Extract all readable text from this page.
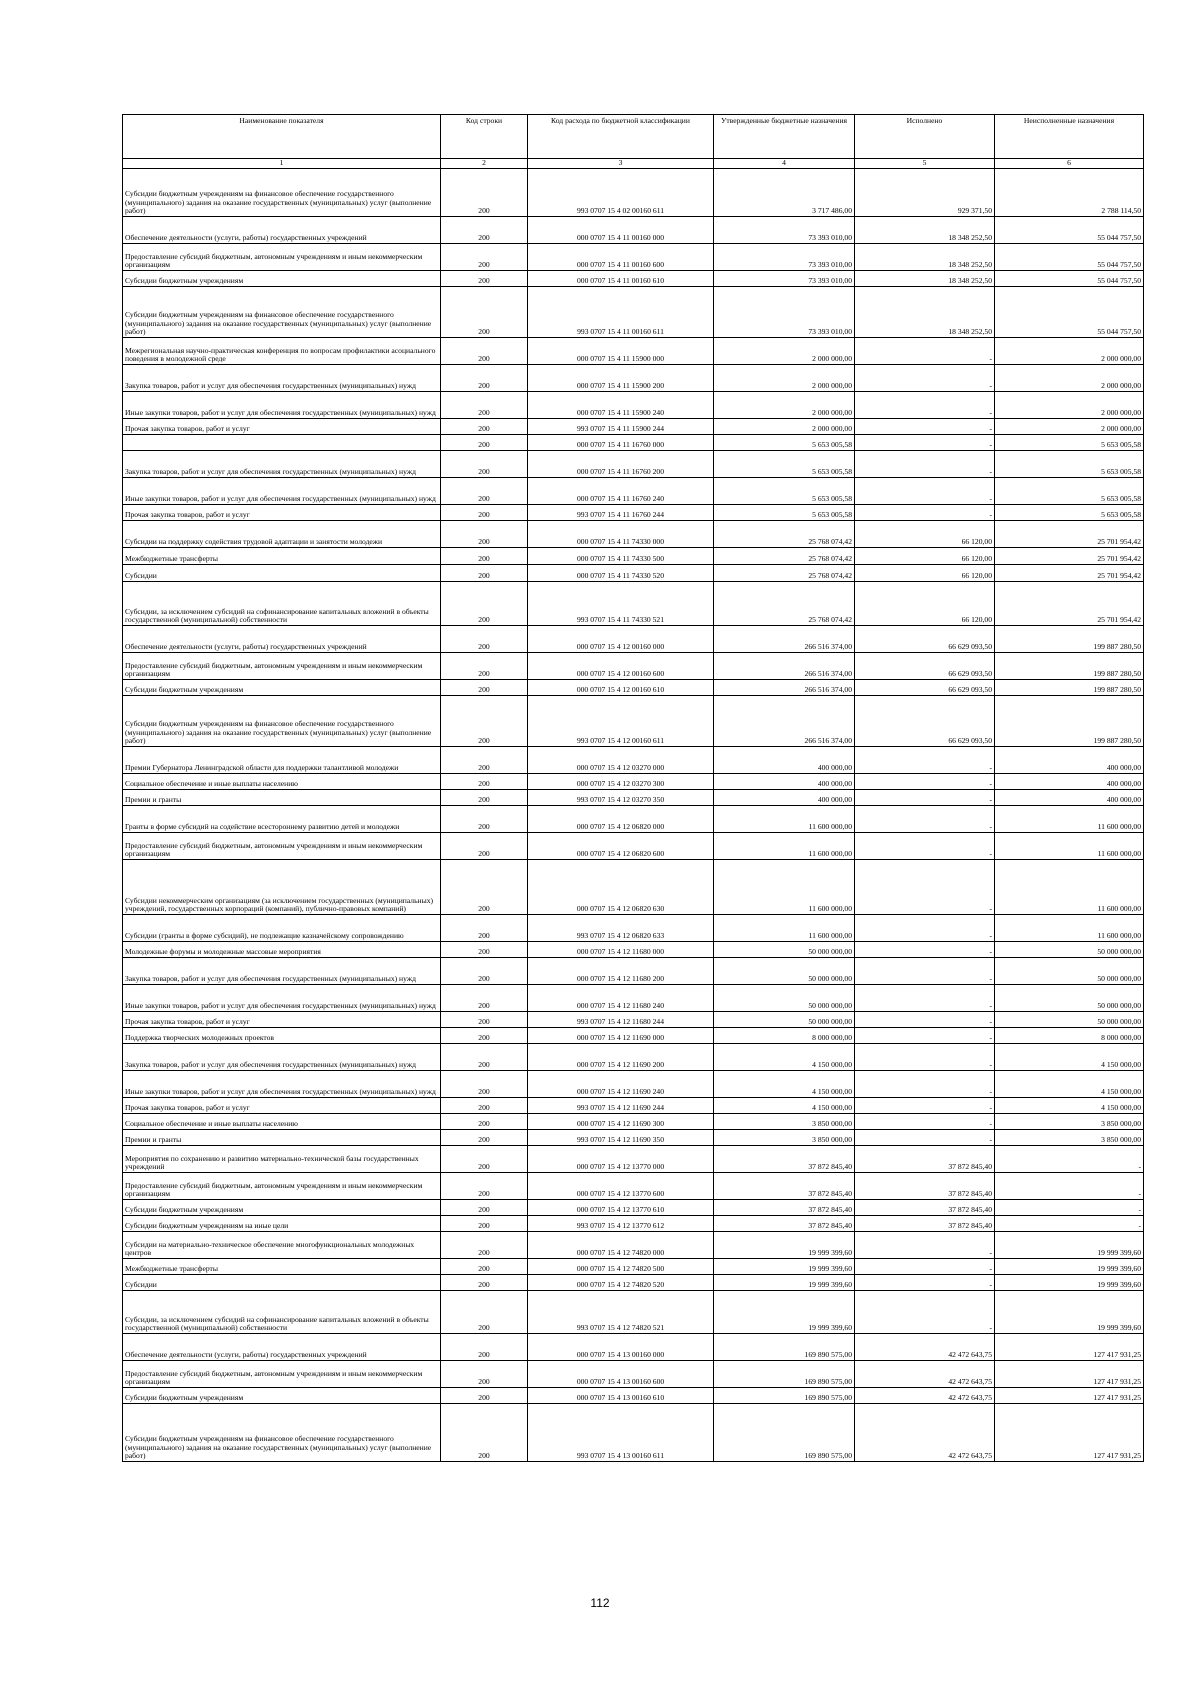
Наименование показателя	Код строки	Код расхода по бюджетной классификации	Утвержденные бюджетные назначения	Исполнено	Неисполненные назначения
1	2	3	4	5	6
Субсидии бюджетным учреждениям на финансовое обеспечение государственного (муниципального) задания на оказание государственных (муниципальных) услуг (выполнение работ)	200	993 0707 15 4 02 00160 611	3 717 486,00	929 371,50	2 788 114,50
Обеспечение деятельности (услуги, работы) государственных учреждений	200	000 0707 15 4 11 00160 000	73 393 010,00	18 348 252,50	55 044 757,50
Предоставление субсидий бюджетным, автономным учреждениям и иным некоммерческим организациям	200	000 0707 15 4 11 00160 600	73 393 010,00	18 348 252,50	55 044 757,50
Субсидии бюджетным учреждениям	200	000 0707 15 4 11 00160 610	73 393 010,00	18 348 252,50	55 044 757,50
Субсидии бюджетным учреждениям на финансовое обеспечение государственного (муниципального) задания на оказание государственных (муниципальных) услуг (выполнение работ)	200	993 0707 15 4 11 00160 611	73 393 010,00	18 348 252,50	55 044 757,50
Межрегиональная научно-практическая конференция по вопросам профилактики асоциального поведения в молодежной среде	200	000 0707 15 4 11 15900 000	2 000 000,00	-	2 000 000,00
Закупка товаров, работ и услуг для обеспечения государственных (муниципальных) нужд	200	000 0707 15 4 11 15900 200	2 000 000,00	-	2 000 000,00
Иные закупки товаров, работ и услуг для обеспечения государственных (муниципальных) нужд	200	000 0707 15 4 11 15900 240	2 000 000,00	-	2 000 000,00
Прочая закупка товаров, работ и услуг	200	993 0707 15 4 11 15900 244	2 000 000,00	-	2 000 000,00
	200	000 0707 15 4 11 16760 000	5 653 005,58	-	5 653 005,58
Закупка товаров, работ и услуг для обеспечения государственных (муниципальных) нужд	200	000 0707 15 4 11 16760 200	5 653 005,58	-	5 653 005,58
Иные закупки товаров, работ и услуг для обеспечения государственных (муниципальных) нужд	200	000 0707 15 4 11 16760 240	5 653 005,58	-	5 653 005,58
Прочая закупка товаров, работ и услуг	200	993 0707 15 4 11 16760 244	5 653 005,58	-	5 653 005,58
Субсидии на поддержку содействия трудовой адаптации и занятости молодежи	200	000 0707 15 4 11 74330 000	25 768 074,42	66 120,00	25 701 954,42
Межбюджетные трансферты	200	000 0707 15 4 11 74330 500	25 768 074,42	66 120,00	25 701 954,42
Субсидии	200	000 0707 15 4 11 74330 520	25 768 074,42	66 120,00	25 701 954,42
Субсидии, за исключением субсидий на софинансирование капитальных вложений в объекты государственной (муниципальной) собственности	200	993 0707 15 4 11 74330 521	25 768 074,42	66 120,00	25 701 954,42
Обеспечение деятельности (услуги, работы) государственных учреждений	200	000 0707 15 4 12 00160 000	266 516 374,00	66 629 093,50	199 887 280,50
Предоставление субсидий бюджетным, автономным учреждениям и иным некоммерческим организациям	200	000 0707 15 4 12 00160 600	266 516 374,00	66 629 093,50	199 887 280,50
Субсидии бюджетным учреждениям	200	000 0707 15 4 12 00160 610	266 516 374,00	66 629 093,50	199 887 280,50
Субсидии бюджетным учреждениям на финансовое обеспечение государственного (муниципального) задания на оказание государственных (муниципальных) услуг (выполнение работ)	200	993 0707 15 4 12 00160 611	266 516 374,00	66 629 093,50	199 887 280,50
Премии Губернатора Ленинградской области для поддержки талантливой молодежи	200	000 0707 15 4 12 03270 000	400 000,00	-	400 000,00
Социальное обеспечение и иные выплаты населению	200	000 0707 15 4 12 03270 300	400 000,00	-	400 000,00
Премии и гранты	200	993 0707 15 4 12 03270 350	400 000,00	-	400 000,00
Гранты в форме субсидий на содействие всестороннему развитию детей и молодежи	200	000 0707 15 4 12 06820 000	11 600 000,00	-	11 600 000,00
Предоставление субсидий бюджетным, автономным учреждениям и иным некоммерческим организациям	200	000 0707 15 4 12 06820 600	11 600 000,00	-	11 600 000,00
Субсидии некоммерческим организациям (за исключением государственных (муниципальных) учреждений, государственных корпораций (компаний), публично-правовых компаний)	200	000 0707 15 4 12 06820 630	11 600 000,00	-	11 600 000,00
Субсидии (гранты в форме субсидий), не подлежащие казначейскому сопровождению	200	993 0707 15 4 12 06820 633	11 600 000,00	-	11 600 000,00
Молодежные форумы и молодежные массовые мероприятия	200	000 0707 15 4 12 11680 000	50 000 000,00	-	50 000 000,00
Закупка товаров, работ и услуг для обеспечения государственных (муниципальных) нужд	200	000 0707 15 4 12 11680 200	50 000 000,00	-	50 000 000,00
Иные закупки товаров, работ и услуг для обеспечения государственных (муниципальных) нужд	200	000 0707 15 4 12 11680 240	50 000 000,00	-	50 000 000,00
Прочая закупка товаров, работ и услуг	200	993 0707 15 4 12 11680 244	50 000 000,00	-	50 000 000,00
Поддержка творческих молодежных проектов	200	000 0707 15 4 12 11690 000	8 000 000,00	-	8 000 000,00
Закупка товаров, работ и услуг для обеспечения государственных (муниципальных) нужд	200	000 0707 15 4 12 11690 200	4 150 000,00	-	4 150 000,00
Иные закупки товаров, работ и услуг для обеспечения государственных (муниципальных) нужд	200	000 0707 15 4 12 11690 240	4 150 000,00	-	4 150 000,00
Прочая закупка товаров, работ и услуг	200	993 0707 15 4 12 11690 244	4 150 000,00	-	4 150 000,00
Социальное обеспечение и иные выплаты населению	200	000 0707 15 4 12 11690 300	3 850 000,00	-	3 850 000,00
Премии и гранты	200	993 0707 15 4 12 11690 350	3 850 000,00	-	3 850 000,00
Мероприятия по сохранению и развитию материально-технической базы государственных учреждений	200	000 0707 15 4 12 13770 000	37 872 845,40	37 872 845,40	-
Предоставление субсидий бюджетным, автономным учреждениям и иным некоммерческим организациям	200	000 0707 15 4 12 13770 600	37 872 845,40	37 872 845,40	-
Субсидии бюджетным учреждениям	200	000 0707 15 4 12 13770 610	37 872 845,40	37 872 845,40	-
Субсидии бюджетным учреждениям на иные цели	200	993 0707 15 4 12 13770 612	37 872 845,40	37 872 845,40	-
Субсидии на материально-техническое обеспечение многофункциональных молодежных центров	200	000 0707 15 4 12 74820 000	19 999 399,60	-	19 999 399,60
Межбюджетные трансферты	200	000 0707 15 4 12 74820 500	19 999 399,60	-	19 999 399,60
Субсидии	200	000 0707 15 4 12 74820 520	19 999 399,60	-	19 999 399,60
Субсидии, за исключением субсидий на софинансирование капитальных вложений в объекты государственной (муниципальной) собственности	200	993 0707 15 4 12 74820 521	19 999 399,60	-	19 999 399,60
Обеспечение деятельности (услуги, работы) государственных учреждений	200	000 0707 15 4 13 00160 000	169 890 575,00	42 472 643,75	127 417 931,25
Предоставление субсидий бюджетным, автономным учреждениям и иным некоммерческим организациям	200	000 0707 15 4 13 00160 600	169 890 575,00	42 472 643,75	127 417 931,25
Субсидии бюджетным учреждениям	200	000 0707 15 4 13 00160 610	169 890 575,00	42 472 643,75	127 417 931,25
Субсидии бюджетным учреждениям на финансовое обеспечение государственного (муниципального) задания на оказание государственных (муниципальных) услуг (выполнение работ)	200	993 0707 15 4 13 00160 611	169 890 575,00	42 472 643,75	127 417 931,25
112
